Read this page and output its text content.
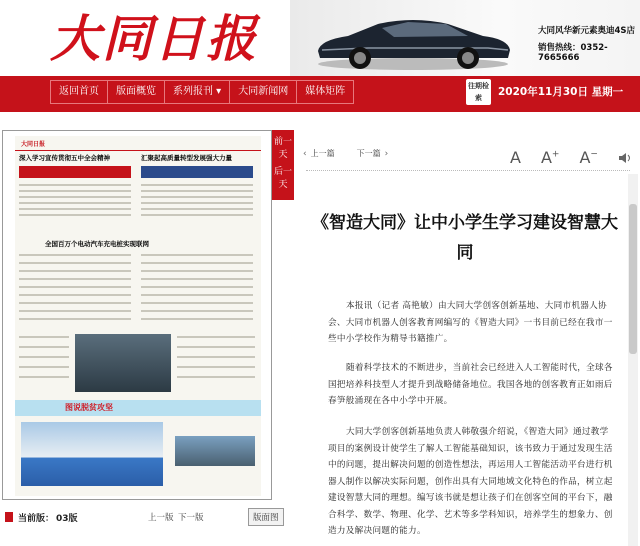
大同日报	大同风华新元素奥迪4S店
销售热线：0352-7665666
返回首页	版面概览	系列报刊 ▾	大同新闻网	媒体矩阵	往期检索	2020年11月30日 星期一
大同日报
深入学习宣传贯彻五中全会精神	汇聚起高质量转型发展强大力量
全国百万个电动汽车充电桩实现联网
图说脱贫攻坚
前一天
后一天
当前版： 03版	上一版 下一版	版面图
‹ 上一篇	下一篇 ›	A A+ A−
《智造大同》让中小学生学习建设智慧大同
本报讯（记者 高艳敏）由大同大学创客创新基地、大同市机器人协会、大同市机器人创客教育网编写的《智造大同》一书目前已经在我市一些中小学校作为精导书籍推广。
随着科学技术的不断进步，当前社会已经进入人工智能时代，全球各国把培养科技型人才提升到战略储备地位。我国各地的创客教育正如雨后春笋般涌现在各中小学中开展。
大同大学创客创新基地负责人韩敬强介绍说，《智造大同》通过教学项目的案例设计使学生了解人工智能基础知识，该书致力于通过发现生活中的问题，提出解决问题的创造性想法，再运用人工智能活动平台进行机器人制作以解决实际问题，创作出具有大同地域文化特色的作品，树立起建设智慧大同的理想。编写该书就是想让孩子们在创客空间的平台下，融合科学、数学、物理、化学、艺术等多学科知识，培养学生的想象力、创造力及解决问题的能力。
